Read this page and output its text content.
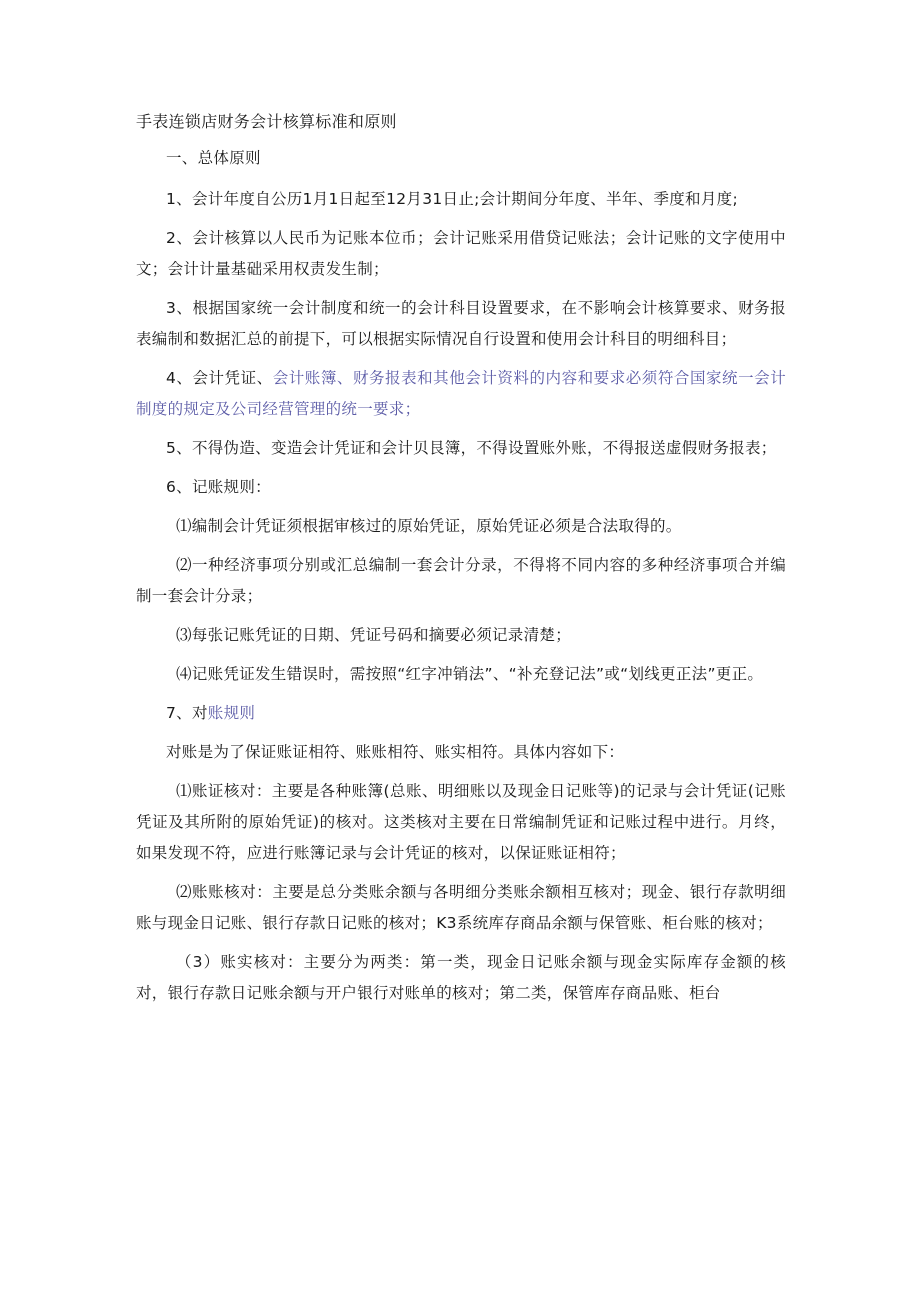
手表连锁店财务会计核算标准和原则

一、总体原则

1、会计年度自公历1月1日起至12月31日止;会计期间分年度、半年、季度和月度;

2、会计核算以人民币为记账本位币；会计记账采用借贷记账法；会计记账的文字使用中文；会计计量基础采用权责发生制；

3、根据国家统一会计制度和统一的会计科目设置要求，在不影响会计核算要求、财务报表编制和数据汇总的前提下，可以根据实际情况自行设置和使用会计科目的明细科目；

4、会计凭证、会计账簿、财务报表和其他会计资料的内容和要求必须符合国家统一会计制度的规定及公司经营管理的统一要求；

5、不得伪造、变造会计凭证和会计贝艮簿，不得设置账外账，不得报送虚假财务报表；

6、记账规则：

⑴编制会计凭证须根据审核过的原始凭证，原始凭证必须是合法取得的。

⑵一种经济事项分别或汇总编制一套会计分录，不得将不同内容的多种经济事项合并编制一套会计分录；

⑶每张记账凭证的日期、凭证号码和摘要必须记录清楚；

⑷记账凭证发生错误时，需按照“红字冲销法”、“补充登记法”或“划线更正法”更正。

7、对账规则

对账是为了保证账证相符、账账相符、账实相符。具体内容如下：

⑴账证核对：主要是各种账簿(总账、明细账以及现金日记账等)的记录与会计凭证(记账凭证及其所附的原始凭证)的核对。这类核对主要在日常编制凭证和记账过程中进行。月终，如果发现不符，应进行账簿记录与会计凭证的核对，以保证账证相符；

⑵账账核对：主要是总分类账余额与各明细分类账余额相互核对；现金、银行存款明细账与现金日记账、银行存款日记账的核对；K3系统库存商品余额与保管账、柜台账的核对；

（3）账实核对：主要分为两类：第一类，现金日记账余额与现金实际库存金额的核对，银行存款日记账余额与开户银行对账单的核对；第二类，保管库存商品账、柜台
